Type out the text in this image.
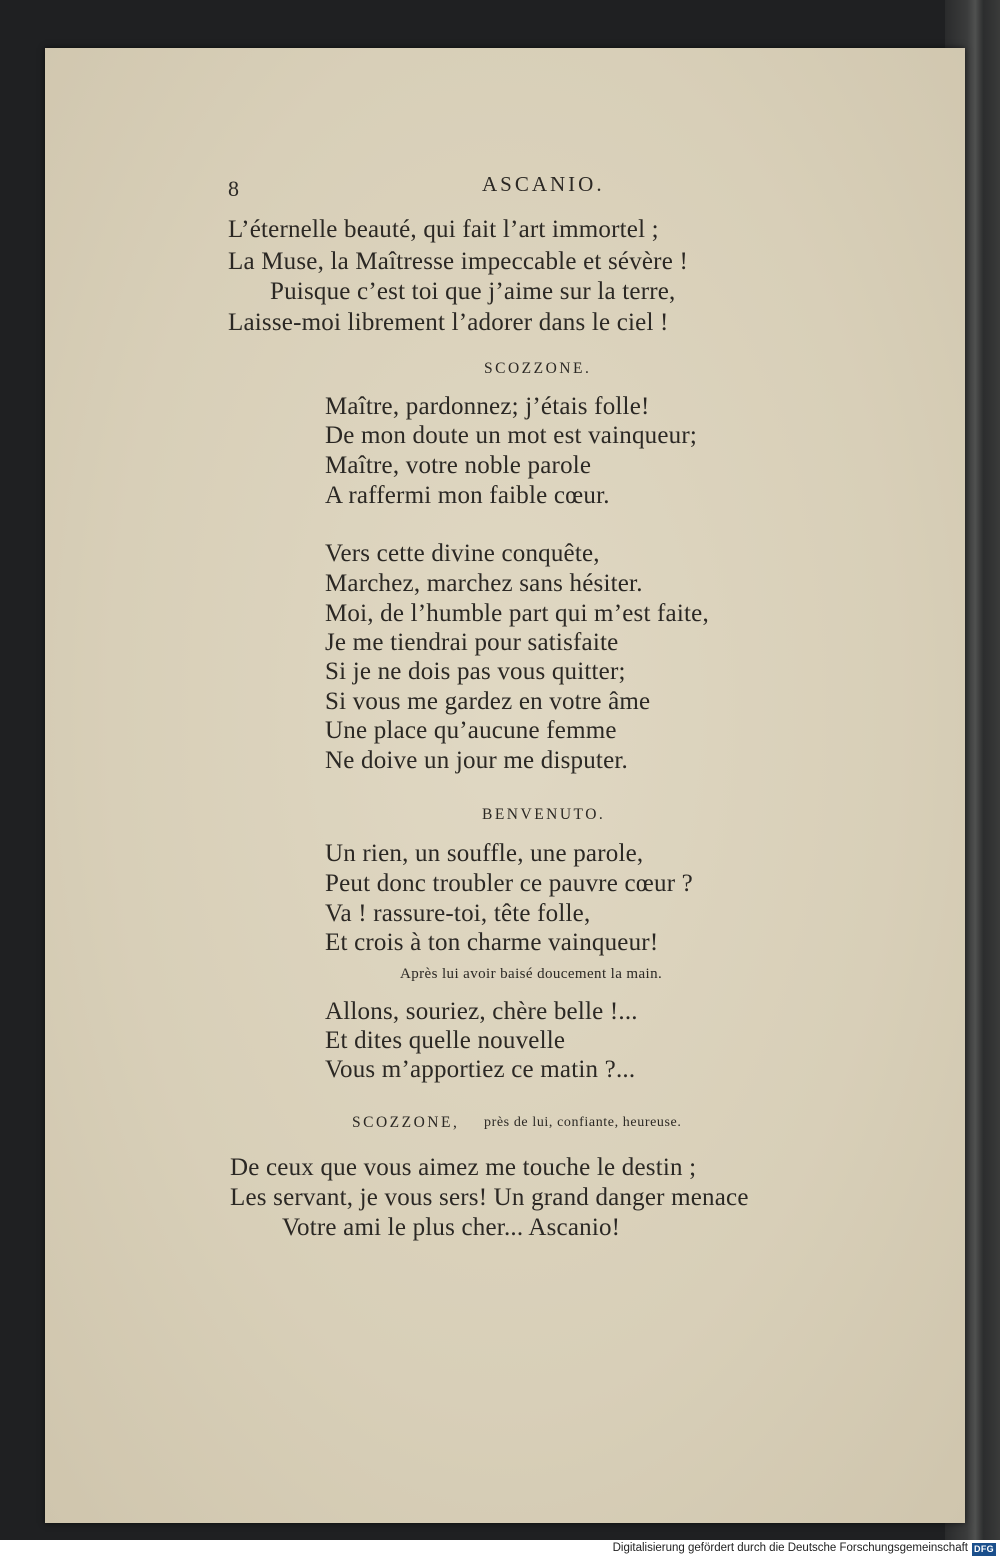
8	ASCANIO.
L’éternelle beauté, qui fait l’art immortel ;
La Muse, la Maîtresse impeccable et sévère !
Puisque c’est toi que j’aime sur la terre,
Laisse-moi librement l’adorer dans le ciel !
SCOZZONE.
Maître, pardonnez; j’étais folle!
De mon doute un mot est vainqueur;
Maître, votre noble parole
A raffermi mon faible cœur.
Vers cette divine conquête,
Marchez, marchez sans hésiter.
Moi, de l’humble part qui m’est faite,
Je me tiendrai pour satisfaite
Si je ne dois pas vous quitter;
Si vous me gardez en votre âme
Une place qu’aucune femme
Ne doive un jour me disputer.
BENVENUTO.
Un rien, un souffle, une parole,
Peut donc troubler ce pauvre cœur ?
Va ! rassure-toi, tête folle,
Et crois à ton charme vainqueur!
Après lui avoir baisé doucement la main.
Allons, souriez, chère belle !...
Et dites quelle nouvelle
Vous m’apportiez ce matin ?...
SCOZZONE, près de lui, confiante, heureuse.
De ceux que vous aimez me touche le destin ;
Les servant, je vous sers! Un grand danger menace
Votre ami le plus cher... Ascanio!
Digitalisierung gefördert durch die Deutsche Forschungsgemeinschaft DFG
